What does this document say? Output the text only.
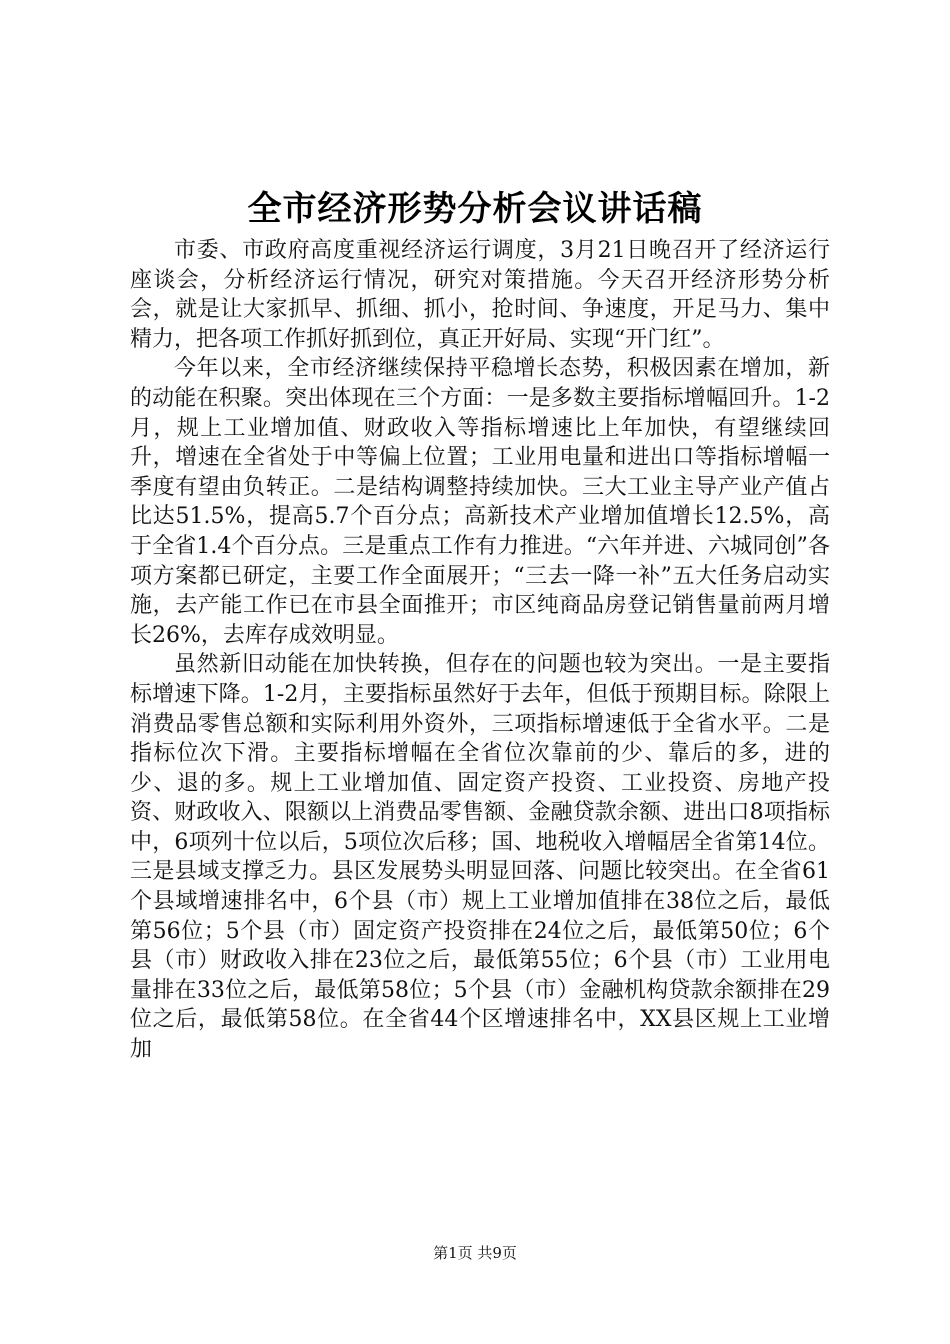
全市经济形势分析会议讲话稿

市委、市政府高度重视经济运行调度，3月21日晚召开了经济运行座谈会，分析经济运行情况，研究对策措施。今天召开经济形势分析会，就是让大家抓早、抓细、抓小，抢时间、争速度，开足马力、集中精力，把各项工作抓好抓到位，真正开好局、实现“开门红”。

今年以来，全市经济继续保持平稳增长态势，积极因素在增加，新的动能在积聚。突出体现在三个方面：一是多数主要指标增幅回升。1-2月，规上工业增加值、财政收入等指标增速比上年加快，有望继续回升，增速在全省处于中等偏上位置；工业用电量和进出口等指标增幅一季度有望由负转正。二是结构调整持续加快。三大工业主导产业产值占比达51.5%，提高5.7个百分点；高新技术产业增加值增长12.5%，高于全省1.4个百分点。三是重点工作有力推进。“六年并进、六城同创”各项方案都已研定，主要工作全面展开；“三去一降一补”五大任务启动实施，去产能工作已在市县全面推开；市区纯商品房登记销售量前两月增长26%，去库存成效明显。

虽然新旧动能在加快转换，但存在的问题也较为突出。一是主要指标增速下降。1-2月，主要指标虽然好于去年，但低于预期目标。除限上消费品零售总额和实际利用外资外，三项指标增速低于全省水平。二是指标位次下滑。主要指标增幅在全省位次靠前的少、靠后的多，进的少、退的多。规上工业增加值、固定资产投资、工业投资、房地产投资、财政收入、限额以上消费品零售额、金融贷款余额、进出口8项指标中，6项列十位以后，5项位次后移；国、地税收入增幅居全省第14位。三是县域支撑乏力。县区发展势头明显回落、问题比较突出。在全省61个县域增速排名中，6个县（市）规上工业增加值排在38位之后，最低第56位；5个县（市）固定资产投资排在24位之后，最低第50位；6个县（市）财政收入排在23位之后，最低第55位；6个县（市）工业用电量排在33位之后，最低第58位；5个县（市）金融机构贷款余额排在29位之后，最低第58位。在全省44个区增速排名中，XX县区规上工业增加

第1页 共9页
